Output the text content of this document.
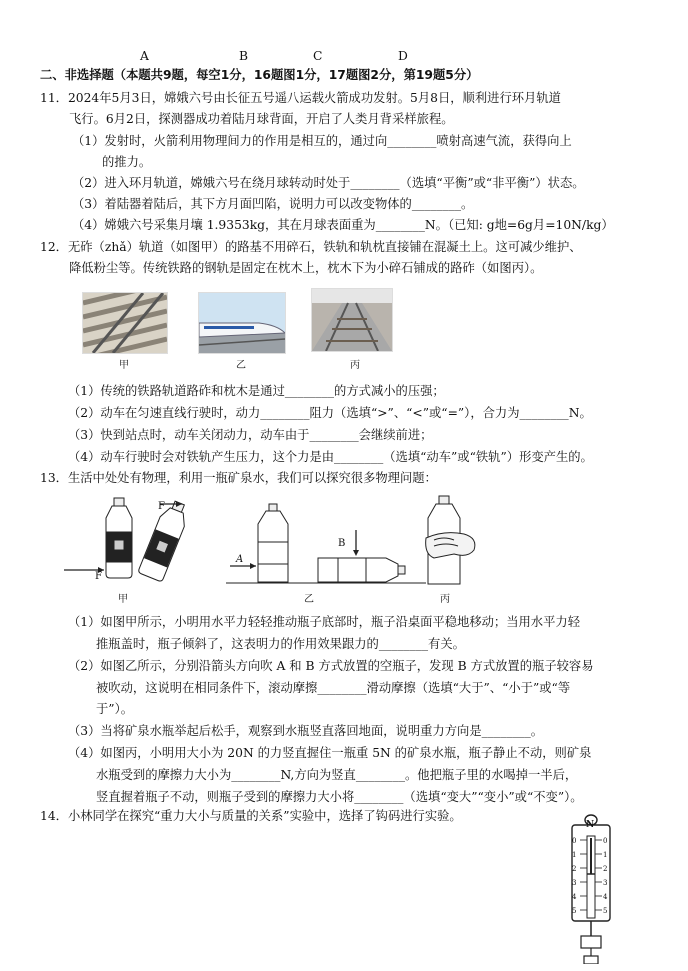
A	B	C	D
二、非选择题（本题共9题，每空1分，16题图1分，17题图2分，第19题5分）
11．2024年5月3日，嫦娥六号由长征五号遥八运载火箭成功发射。5月8日，顺利进行环月轨道
飞行。6月2日，探测器成功着陆月球背面，开启了人类月背采样旅程。
（1）发射时，火箭利用物理间力的作用是相互的，通过向________喷射高速气流，获得向上
的推力。
（2）进入环月轨道，嫦娥六号在绕月球转动时处于________（选填“平衡”或“非平衡”）状态。
（3）着陆器着陆后，其下方月面凹陷，说明力可以改变物体的________。
（4）嫦娥六号采集月壤 1.9353kg，其在月球表面重为________N。（已知: g地=6g月=10N/kg）
12．无砟（zhǎ）轨道（如图甲）的路基不用碎石，铁轨和轨枕直接铺在混凝土上。这可减少维护、
降低粉尘等。传统铁路的钢轨是固定在枕木上，枕木下为小碎石铺成的路砟（如图丙）。
甲	乙	丙
（1）传统的铁路轨道路砟和枕木是通过________的方式减小的压强；
（2）动车在匀速直线行驶时，动力________阻力（选填“>”、“<”或“=”），合力为________N。
（3）快到站点时，动车关闭动力，动车由于________会继续前进；
（4）动车行驶时会对铁轨产生压力，这个力是由________（选填“动车”或“铁轨”）形变产生的。
13．生活中处处有物理，利用一瓶矿泉水，我们可以探究很多物理问题：
F
F
A
B
甲	乙	丙
（1）如图甲所示，小明用水平力轻轻推动瓶子底部时，瓶子沿桌面平稳地移动；当用水平力轻
推瓶盖时，瓶子倾斜了，这表明力的作用效果跟力的________有关。
（2）如图乙所示，分别沿箭头方向吹 A 和 B 方式放置的空瓶子，发现 B 方式放置的瓶子较容易
被吹动，这说明在相同条件下，滚动摩擦________滑动摩擦（选填“大于”、“小于”或“等
于”）。
（3）当将矿泉水瓶举起后松手，观察到水瓶竖直落回地面，说明重力方向是________。
（4）如图丙，小明用大小为 20N 的力竖直握住一瓶重 5N 的矿泉水瓶，瓶子静止不动，则矿泉
水瓶受到的摩擦力大小为________N,方向为竖直________。他把瓶子里的水喝掉一半后，
竖直握着瓶子不动，则瓶子受到的摩擦力大小将________（选填“变大”“变小”或“不变”）。
14．小林同学在探究“重力大小与质量的关系”实验中，选择了钩码进行实验。
N
0
1
2
3
4
5
0
1
2
3
4
5
